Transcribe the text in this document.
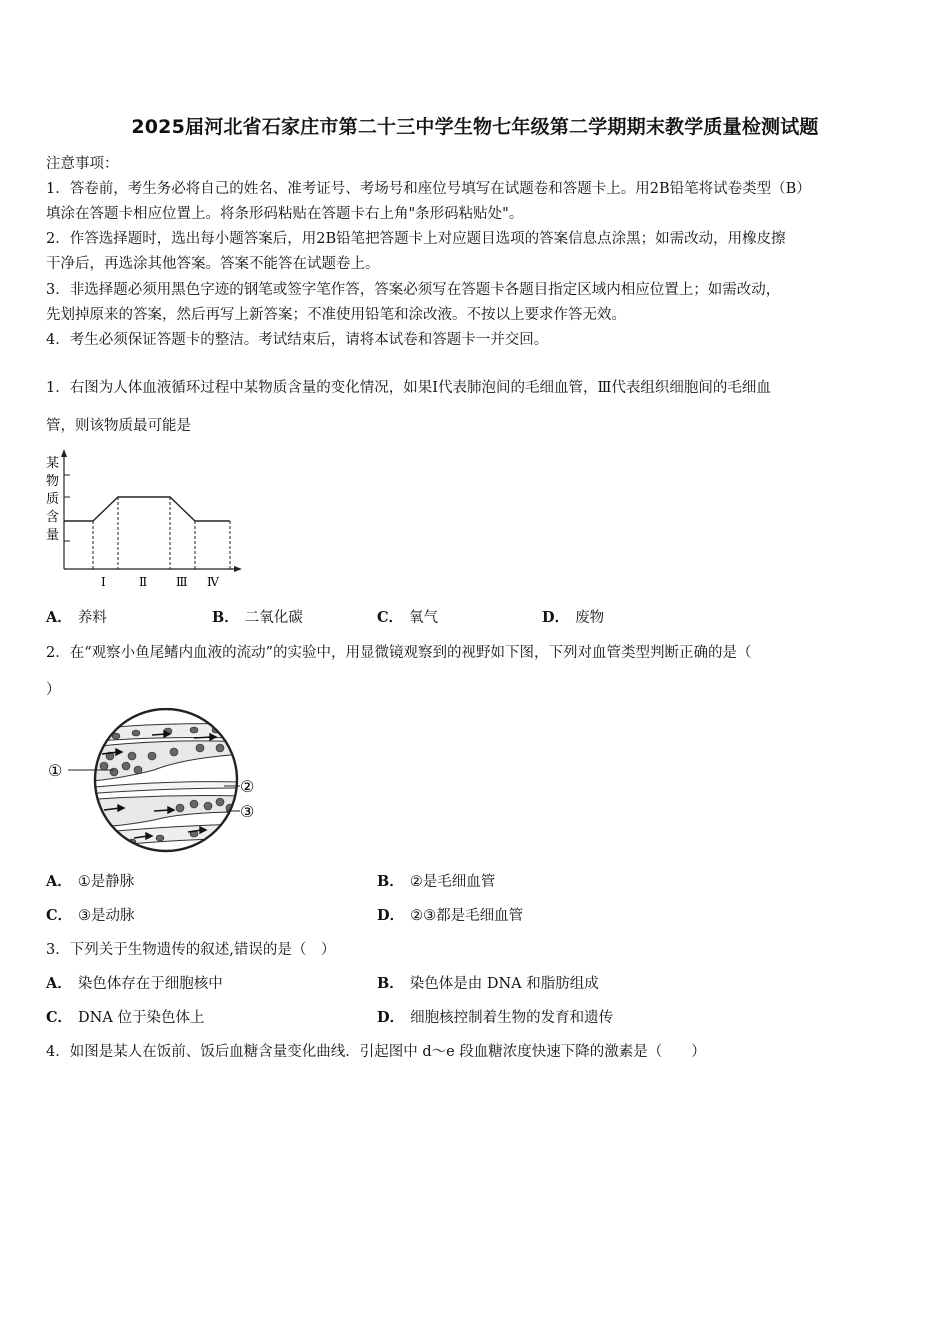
2025届河北省石家庄市第二十三中学生物七年级第二学期期末教学质量检测试题
注意事项：
1．答卷前，考生务必将自己的姓名、准考证号、考场号和座位号填写在试题卷和答题卡上。用2B铅笔将试卷类型（B）
填涂在答题卡相应位置上。将条形码粘贴在答题卡右上角"条形码粘贴处"。
2．作答选择题时，选出每小题答案后，用2B铅笔把答题卡上对应题目选项的答案信息点涂黑；如需改动，用橡皮擦
干净后，再选涂其他答案。答案不能答在试题卷上。
3．非选择题必须用黑色字迹的钢笔或签字笔作答，答案必须写在答题卡各题目指定区域内相应位置上；如需改动，
先划掉原来的答案，然后再写上新答案；不准使用铅笔和涂改液。不按以上要求作答无效。
4．考生必须保证答题卡的整洁。考试结束后，请将本试卷和答题卡一并交回。
1．右图为人体血液循环过程中某物质含量的变化情况，如果Ⅰ代表肺泡间的毛细血管，Ⅲ代表组织细胞间的毛细血
管，则该物质最可能是
某
物
质
含
量
Ⅰ	Ⅱ Ⅲ Ⅳ
A． 养料	B． 二氧化碳	C． 氧气	D． 废物
2．在“观察小鱼尾鳍内血液的流动”的实验中，用显微镜观察到的视野如下图，下列对血管类型判断正确的是（
）
①
②
③
A． ①是静脉	B． ②是毛细血管
C． ③是动脉	D． ②③都是毛细血管
3．下列关于生物遗传的叙述,错误的是（　）
A． 染色体存在于细胞核中	B． 染色体是由 DNA 和脂肪组成
C． DNA 位于染色体上	D． 细胞核控制着生物的发育和遗传
4．如图是某人在饭前、饭后血糖含量变化曲线．引起图中 d～e 段血糖浓度快速下降的激素是（　　）
